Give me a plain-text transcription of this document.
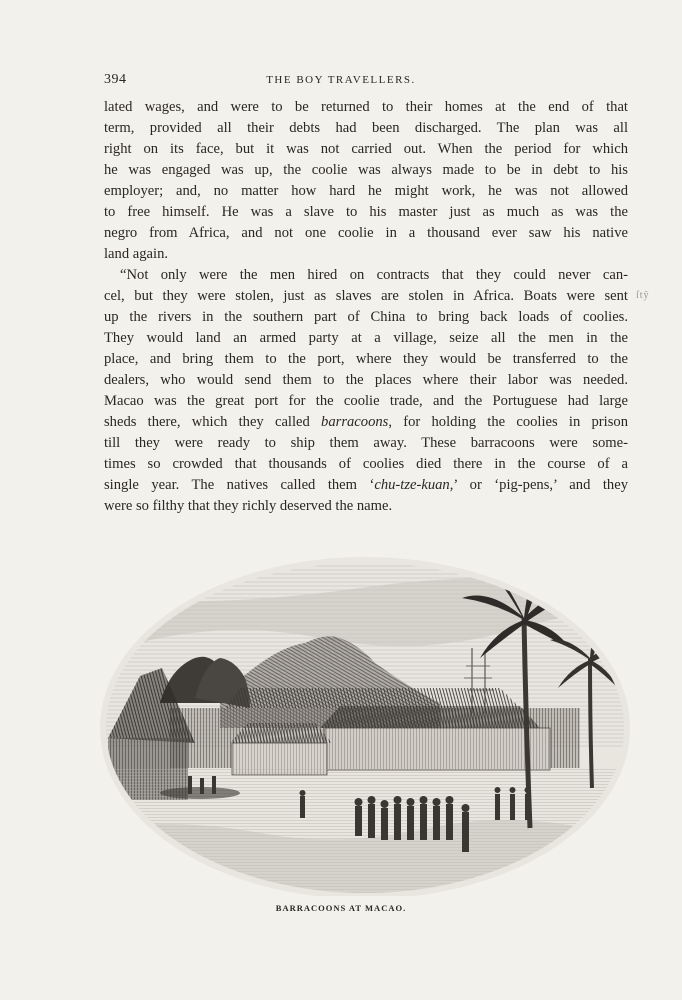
394	THE BOY TRAVELLERS.
lated wages, and were to be returned to their homes at the end of that
term, provided all their debts had been discharged. The plan was all
right on its face, but it was not carried out. When the period for which
he was engaged was up, the coolie was always made to be in debt to his
employer; and, no matter how hard he might work, he was not allowed
to free himself. He was a slave to his master just as much as was the
negro from Africa, and not one coolie in a thousand ever saw his native
land again.
“Not only were the men hired on contracts that they could never can-
cel, but they were stolen, just as slaves are stolen in Africa. Boats were sent
up the rivers in the southern part of China to bring back loads of coolies.
They would land an armed party at a village, seize all the men in the
place, and bring them to the port, where they would be transferred to the
dealers, who would send them to the places where their labor was needed.
Macao was the great port for the coolie trade, and the Portuguese had large
sheds there, which they called barracoons, for holding the coolies in prison
till they were ready to ship them away. These barracoons were some-
times so crowded that thousands of coolies died there in the course of a
single year. The natives called them ‘chu-tze-kuan,’ or ‘pig-pens,’ and they
were so filthy that they richly deserved the name.
ſtŷ
BARRACOONS AT MACAO.
